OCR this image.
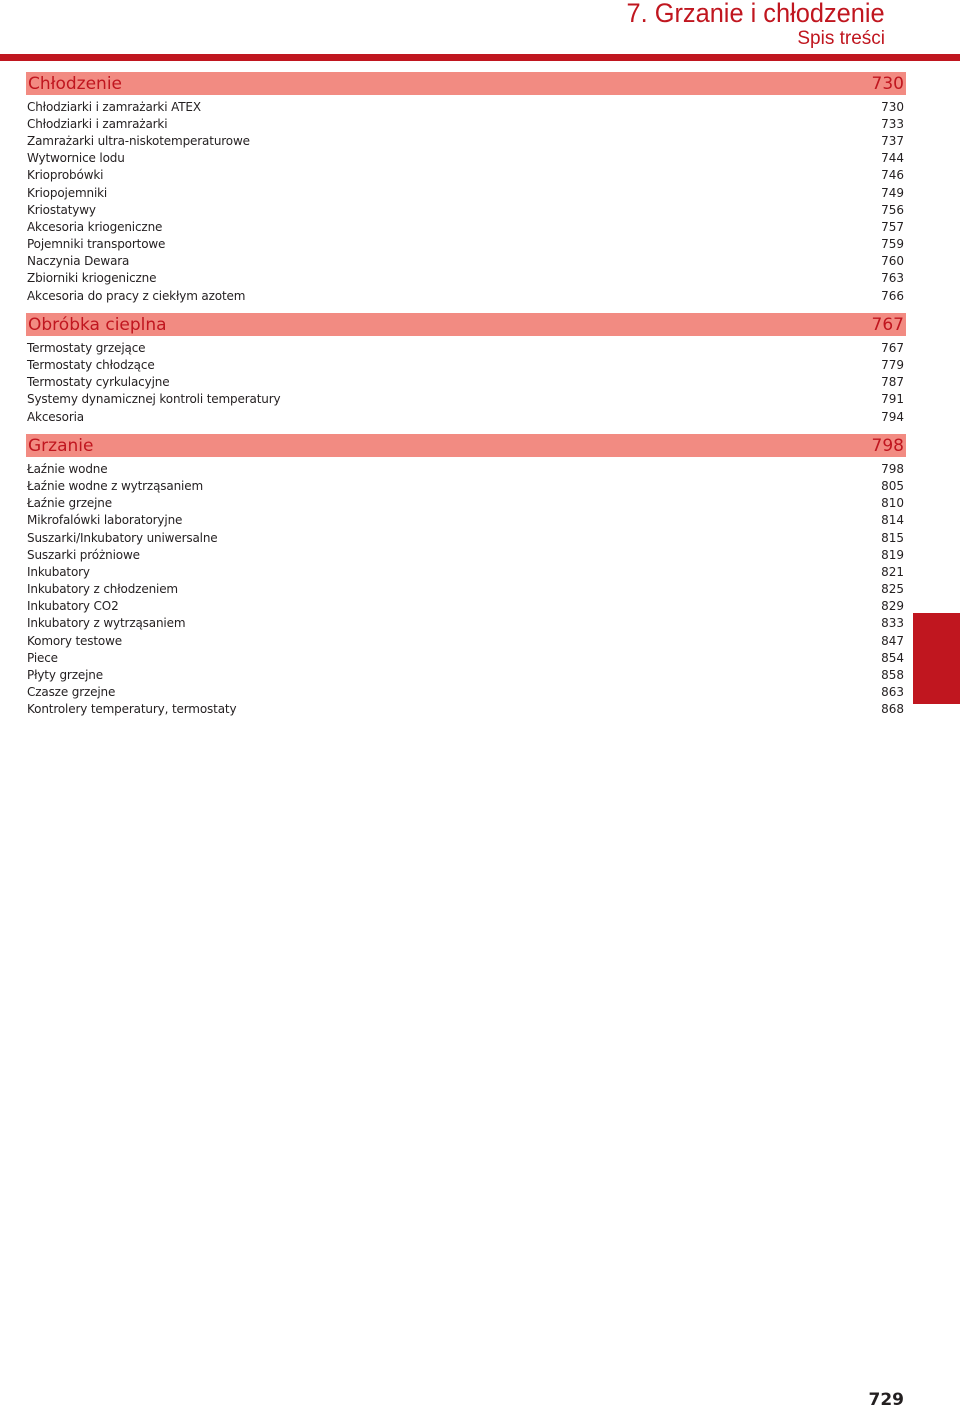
7. Grzanie i chłodzenie
Spis treści
Chłodzenie	730
Chłodziarki i zamrażarki ATEX	730
Chłodziarki i zamrażarki	733
Zamrażarki ultra-niskotemperaturowe	737
Wytwornice lodu	744
Krioprobówki	746
Kriopojemniki	749
Kriostatywy	756
Akcesoria kriogeniczne	757
Pojemniki transportowe	759
Naczynia Dewara	760
Zbiorniki kriogeniczne	763
Akcesoria do pracy z ciekłym azotem	766
Obróbka cieplna	767
Termostaty grzejące	767
Termostaty chłodzące	779
Termostaty cyrkulacyjne	787
Systemy dynamicznej kontroli temperatury	791
Akcesoria	794
Grzanie	798
Łaźnie wodne	798
Łaźnie wodne z wytrząsaniem	805
Łaźnie grzejne	810
Mikrofalówki laboratoryjne	814
Suszarki/Inkubatory uniwersalne	815
Suszarki próżniowe	819
Inkubatory	821
Inkubatory z chłodzeniem	825
Inkubatory CO2	829
Inkubatory z wytrząsaniem	833
Komory testowe	847
Piece	854
Płyty grzejne	858
Czasze grzejne	863
Kontrolery temperatury, termostaty	868
729
